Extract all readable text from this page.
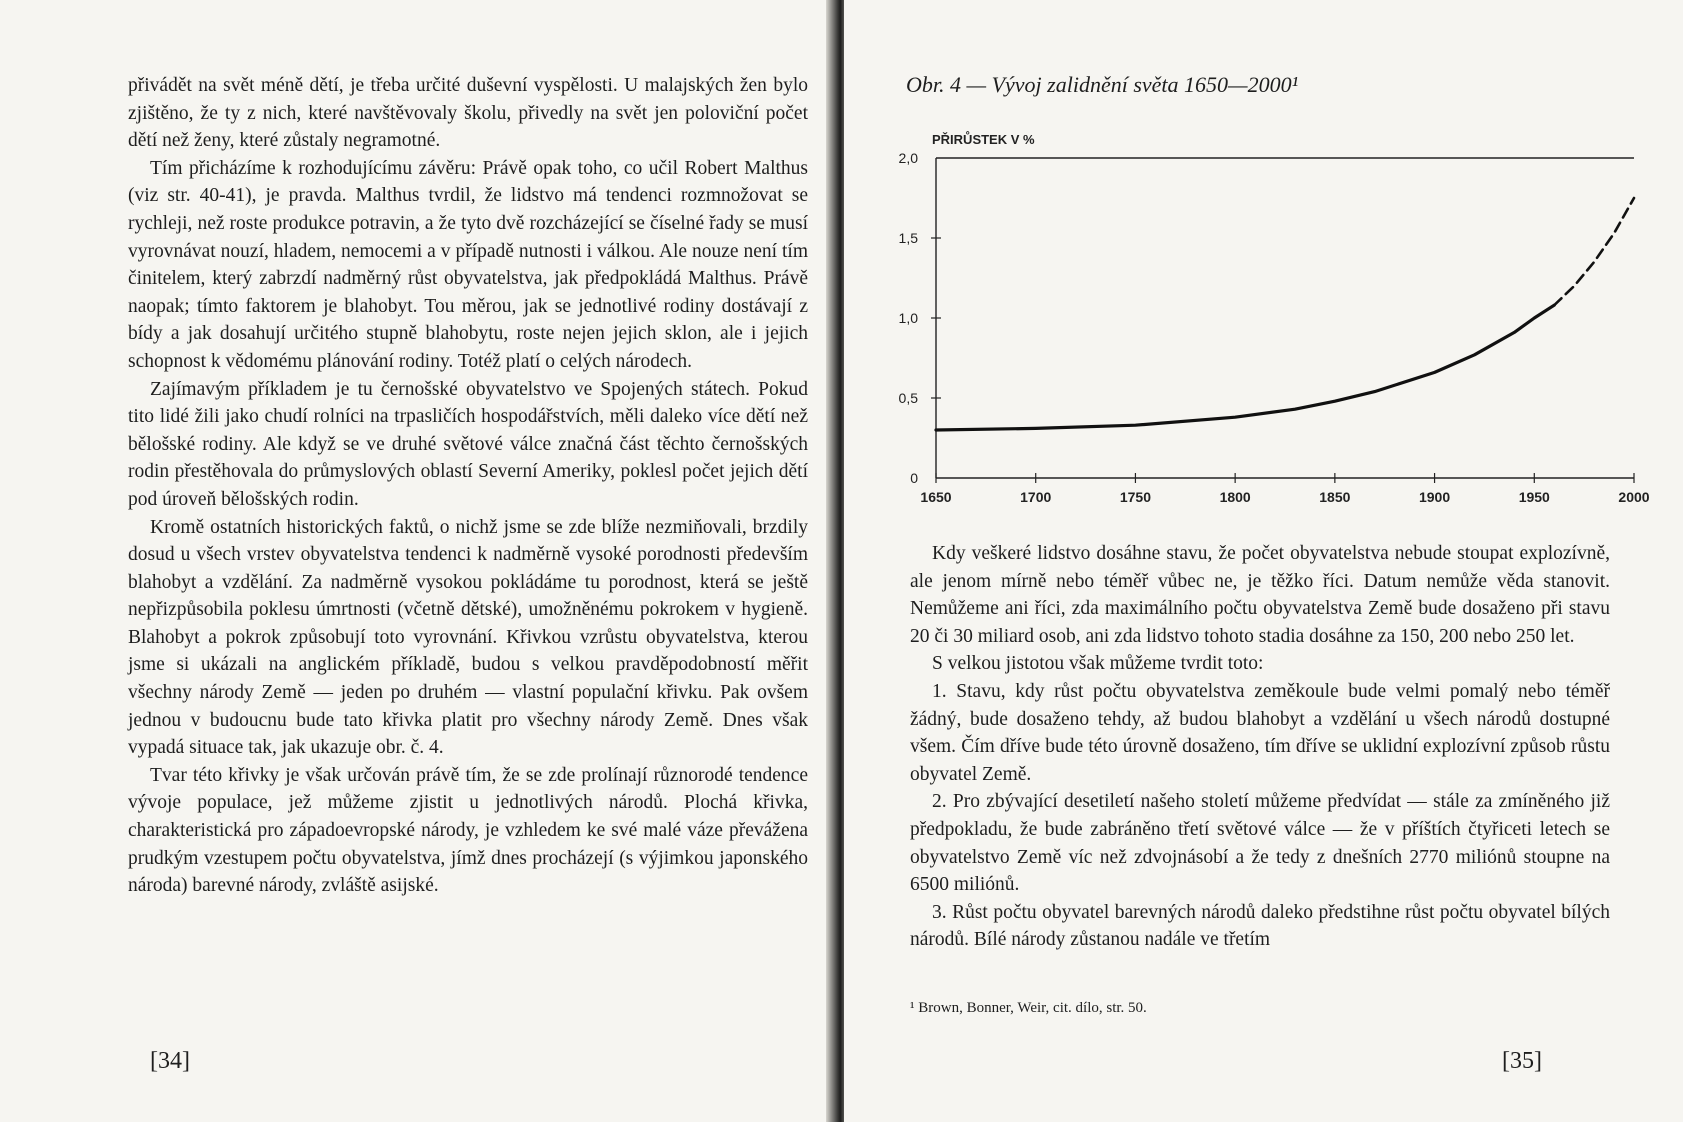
přivádět na svět méně dětí, je třeba určité duševní vyspělosti. U malajských žen bylo zjištěno, že ty z nich, které navštěvovaly školu, přivedly na svět jen poloviční počet dětí než ženy, které zůstaly negramotné.

Tím přicházíme k rozhodujícímu závěru: Právě opak toho, co učil Robert Malthus (viz str. 40-41), je pravda. Malthus tvrdil, že lidstvo má tendenci rozmnožovat se rychleji, než roste produkce potravin, a že tyto dvě rozcházející se číselné řady se musí vyrovnávat nouzí, hladem, nemocemi a v případě nutnosti i válkou. Ale nouze není tím činitelem, který zabrzdí nadměrný růst obyvatelstva, jak předpokládá Malthus. Právě naopak; tímto faktorem je blahobyt. Tou měrou, jak se jednotlivé rodiny dostávají z bídy a jak dosahují určitého stupně blahobytu, roste nejen jejich sklon, ale i jejich schopnost k vědomému plánování rodiny. Totéž platí o celých národech.

Zajímavým příkladem je tu černošské obyvatelstvo ve Spojených státech. Pokud tito lidé žili jako chudí rolníci na trpasličích hospodářstvích, měli daleko více dětí než bělošské rodiny. Ale když se ve druhé světové válce značná část těchto černošských rodin přestěhovala do průmyslových oblastí Severní Ameriky, poklesl počet jejich dětí pod úroveň bělošských rodin.

Kromě ostatních historických faktů, o nichž jsme se zde blíže nezmiňovali, brzdily dosud u všech vrstev obyvatelstva tendenci k nadměrně vysoké porodnosti především blahobyt a vzdělání. Za nadměrně vysokou pokládáme tu porodnost, která se ještě nepřizpůsobila poklesu úmrtnosti (včetně dětské), umožněnému pokrokem v hygieně. Blahobyt a pokrok způsobují toto vyrovnání. Křivkou vzrůstu obyvatelstva, kterou jsme si ukázali na anglickém příkladě, budou s velkou pravděpodobností měřit všechny národy Země — jeden po druhém — vlastní populační křivku. Pak ovšem jednou v budoucnu bude tato křivka platit pro všechny národy Země. Dnes však vypadá situace tak, jak ukazuje obr. č. 4.

Tvar této křivky je však určován právě tím, že se zde prolínají různorodé tendence vývoje populace, jež můžeme zjistit u jednotlivých národů. Plochá křivka, charakteristická pro západoevropské národy, je vzhledem ke své malé váze převážena prudkým vzestupem počtu obyvatelstva, jímž dnes procházejí (s výjimkou japonského národa) barevné národy, zvláště asijské.

[34]
Obr. 4 — Vývoj zalidnění světa 1650—2000¹
PŘIRŮSTEK V %
0
0,5
1,0
1,5
2,0
1650	1700	1750	1800	1850	1900	1950	2000

Kdy veškeré lidstvo dosáhne stavu, že počet obyvatelstva nebude stoupat explozívně, ale jenom mírně nebo téměř vůbec ne, je těžko říci. Datum nemůže věda stanovit. Nemůžeme ani říci, zda maximálního počtu obyvatelstva Země bude dosaženo při stavu 20 či 30 miliard osob, ani zda lidstvo tohoto stadia dosáhne za 150, 200 nebo 250 let.

S velkou jistotou však můžeme tvrdit toto:

1. Stavu, kdy růst počtu obyvatelstva zeměkoule bude velmi pomalý nebo téměř žádný, bude dosaženo tehdy, až budou blahobyt a vzdělání u všech národů dostupné všem. Čím dříve bude této úrovně dosaženo, tím dříve se uklidní explozívní způsob růstu obyvatel Země.

2. Pro zbývající desetiletí našeho století můžeme předvídat — stále za zmíněného již předpokladu, že bude zabráněno třetí světové válce — že v příštích čtyřiceti letech se obyvatelstvo Země víc než zdvojnásobí a že tedy z dnešních 2770 miliónů stoupne na 6500 miliónů.

3. Růst počtu obyvatel barevných národů daleko předstihne růst počtu obyvatel bílých národů. Bílé národy zůstanou nadále ve třetím

¹ Brown, Bonner, Weir, cit. dílo, str. 50.
[35]
